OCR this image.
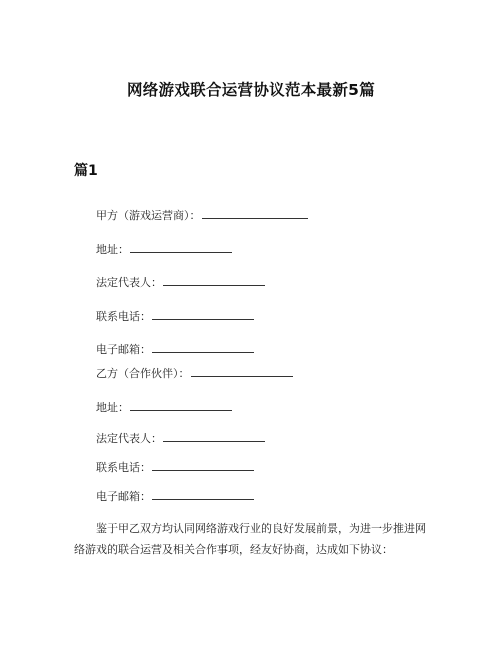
网络游戏联合运营协议范本最新5篇
篇1
甲方（游戏运营商）：
地址：
法定代表人：
联系电话：
电子邮箱：
乙方（合作伙伴）：
地址：
法定代表人：
联系电话：
电子邮箱：
鉴于甲乙双方均认同网络游戏行业的良好发展前景，为进一步推进网络游戏的联合运营及相关合作事项，经友好协商，达成如下协议：
